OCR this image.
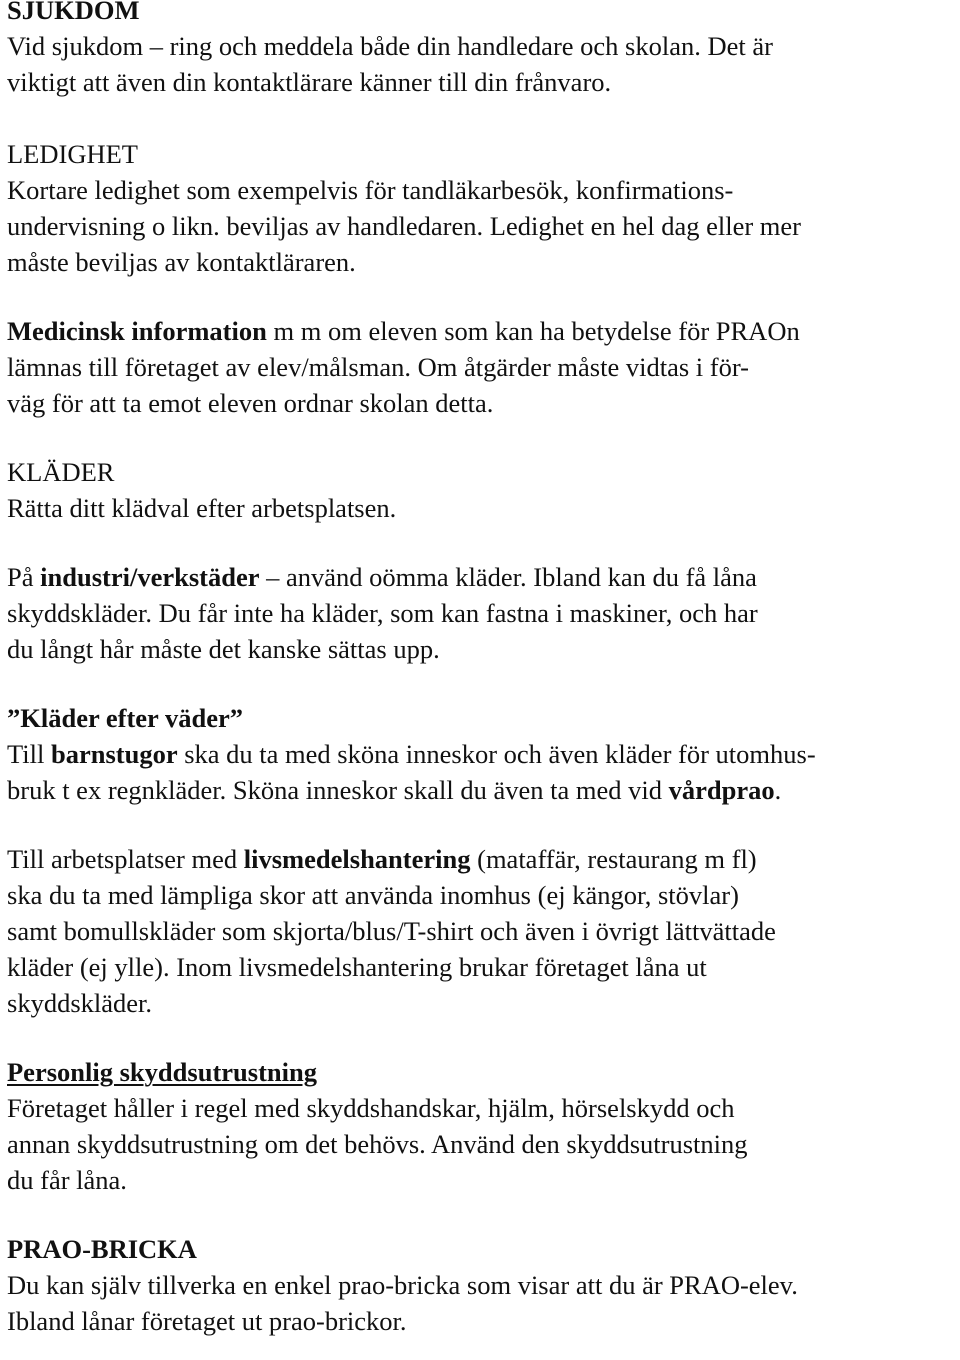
SJUKDOM
Vid sjukdom – ring och meddela både din handledare och skolan. Det är
viktigt att även din kontaktlärare känner till din frånvaro.
LEDIGHET
Kortare ledighet som exempelvis för tandläkarbesök, konfirmations-
undervisning o likn. beviljas av handledaren. Ledighet en hel dag eller mer
måste beviljas av kontaktläraren.
Medicinsk information m m om eleven som kan ha betydelse för PRAOn
lämnas till företaget av elev/målsman. Om åtgärder måste vidtas i för-
väg för att ta emot eleven ordnar skolan detta.
KLÄDER
Rätta ditt klädval efter arbetsplatsen.
På industri/verkstäder – använd oömma kläder. Ibland kan du få låna
skyddskläder. Du får inte ha kläder, som kan fastna i maskiner, och har
du långt hår måste det kanske sättas upp.
”Kläder efter väder”
Till barnstugor ska du ta med sköna inneskor och även kläder för utomhus-
bruk t ex regnkläder. Sköna inneskor skall du även ta med vid vårdprao.
Till arbetsplatser med livsmedelshantering (mataffär, restaurang m fl)
ska du ta med lämpliga skor att använda inomhus (ej kängor, stövlar)
samt bomullskläder som skjorta/blus/T-shirt och även i övrigt lättvättade
kläder (ej ylle). Inom livsmedelshantering brukar företaget låna ut
skyddskläder.
Personlig skyddsutrustning
Företaget håller i regel med skyddshandskar, hjälm, hörselskydd och
annan skyddsutrustning om det behövs. Använd den skyddsutrustning
du får låna.
PRAO-BRICKA
Du kan själv tillverka en enkel prao-bricka som visar att du är PRAO-elev.
Ibland lånar företaget ut prao-brickor.
